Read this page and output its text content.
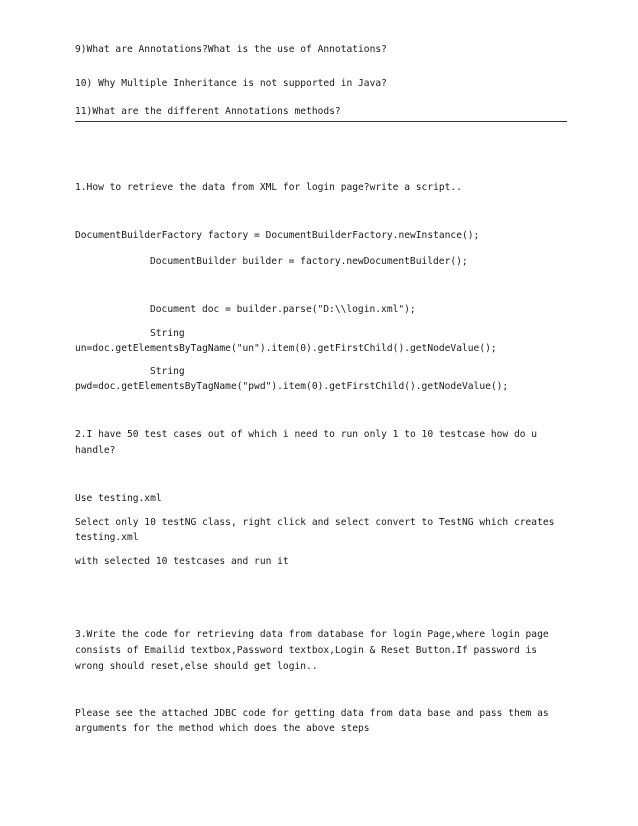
9)What are Annotations?What is the use of Annotations?
10) Why Multiple Inheritance is not supported in Java?
11)What are the different Annotations methods?
1.How to retrieve the data from XML for login page?write a script..
DocumentBuilderFactory factory = DocumentBuilderFactory.newInstance();
DocumentBuilder builder = factory.newDocumentBuilder();
Document doc = builder.parse("D:\\login.xml");
String
un=doc.getElementsByTagName("un").item(0).getFirstChild().getNodeValue();
String
pwd=doc.getElementsByTagName("pwd").item(0).getFirstChild().getNodeValue();
2.I have 50 test cases out of which i need to run only 1 to 10 testcase how do u
handle?
Use testing.xml
Select only 10 testNG class, right click and select convert to TestNG which creates
testing.xml
with selected 10 testcases and run it
3.Write the code for retrieving data from database for login Page,where login page
consists of Emailid textbox,Password textbox,Login & Reset Button.If password is
wrong should reset,else should get login..
Please see the attached JDBC code for getting data from data base and pass them as
arguments for the method which does the above steps
